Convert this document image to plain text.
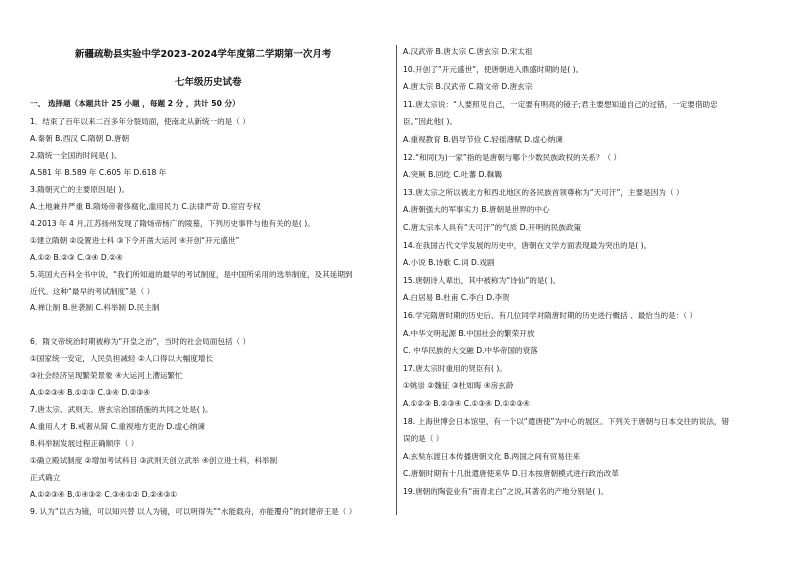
新疆疏勒县实验中学2023-2024学年度第二学期第一次月考
七年级历史试卷
一、 选择题（本题共计 25 小题 ，每题 2 分 ，共计 50 分）
1．结束了百年以来二百多年分裂局面，使南北从新统一的是（ ）
A.秦朝 B.西汉 C.隋朝 D.唐朝
2.隋统一全国的时间是( )。
A.581 年 B.589 年 C.605 年 D.618 年
3.隋朝灭亡的主要原因是( )。
A.土地兼并严重 B.隋炀帝奢侈腐化,滥用民力 C.法律严苛 D.宦官专权
4.2013 年 4 月,江苏扬州发现了隋炀帝杨广的陵墓，下列历史事件与他有关的是( )。
①建立隋朝 ②设置进士科 ③下令开凿大运河 ④开创“开元盛世”
A.①② B.②③ C.③④ D.②④
5.英国大百科全书中说，“我们所知道的最早的考试制度，是中国所采用的选举制度，及其延期到
近代。这种“最早的考试制度”是（ ）
A.禅让制 B.世袭制 C.科举制 D.民主制
6．隋文帝统治时期被称为“开皇之治”，当时的社会局面包括（ ）
①国家统一安定，人民负担减轻 ②人口得以大幅度增长
③社会经济呈现繁荣景象 ④大运河上漕运繁忙
A.①②③④ B.①②③ C.③④ D.②③④
7.唐太宗、武则天、唐玄宗治国措施的共同之处是( )。
A.重用人才 B.戒奢从简 C.重视地方吏治 D.虚心纳谏
8.科举制发展过程正确顺序（ ）
①确立殿试制度 ②增加考试科目 ③武则天创立武举 ④创立进士科，科举制
正式确立
A.①②③④ B.①④③② C.③④①② D.②④③①
9. 认为“以古为镜，可以知兴替 以人为镜，可以明得失”“水能载舟，亦能覆舟”的封建帝王是（ ）
A.汉武帝 B.唐太宗 C.唐玄宗 D.宋太祖
10.开创了“开元盛世”，使唐朝进入鼎盛时期的是( )。
A.唐太宗 B.汉武帝 C.隋文帝 D.唐玄宗
11.唐太宗说：“人要照见自己，一定要有明亮的镜子;君主要想知道自己的过错，一定要借助忠
臣。”因此他( )。
A.重视教育 B.倡导节俭 C.轻徭薄赋 D.虚心纳谏
12.“和同(为)一家”指的是唐朝与哪个少数民族政权的关系？（ ）
A.突厥 B.回纥 C.吐蕃 D.靺鞨
13.唐太宗之所以被北方和西北地区的各民族首领尊称为“天可汗”，主要是因为（ ）
A.唐朝强大的军事实力 B.唐朝是世界的中心
C.唐太宗本人具有“天可汗”的气质 D.开明的民族政策
14.在我国古代文学发展的历史中，唐朝在文学方面表现最为突出的是( )。
A.小说 B.诗歌 C.词 D.戏剧
15.唐朝诗人辈出，其中被称为“诗仙”的是( )。
A.白居易 B.杜甫 C.李白 D.李贺
16.学完隋唐时期的历史后、有几位同学对隋唐时期的历史进行概括 、最恰当的是：（ ）
A.中华文明起源 B.中国社会的繁荣开放
C. 中华民族的大交融 D.中华帝国的衰落
17.唐太宗时重用的贤臣有( )。
①姚崇 ②魏征 ③杜如晦 ④房玄龄
A.①②③ B.②③④ C.①③④ D.①②③④
18. 上海世博会日本馆里，有一个以“遣唐使”为中心的展区。下列关于唐朝与日本交往的说法，错
误的是（ ）
A.玄奘东渡日本传播唐朝文化 B.两国之间有贸易往来
C.唐朝时期有十几批遣唐使来华 D.日本按唐朝模式进行政治改革
19.唐朝的陶瓷业有“南青北白”之说,其著名的产地分别是( )。
